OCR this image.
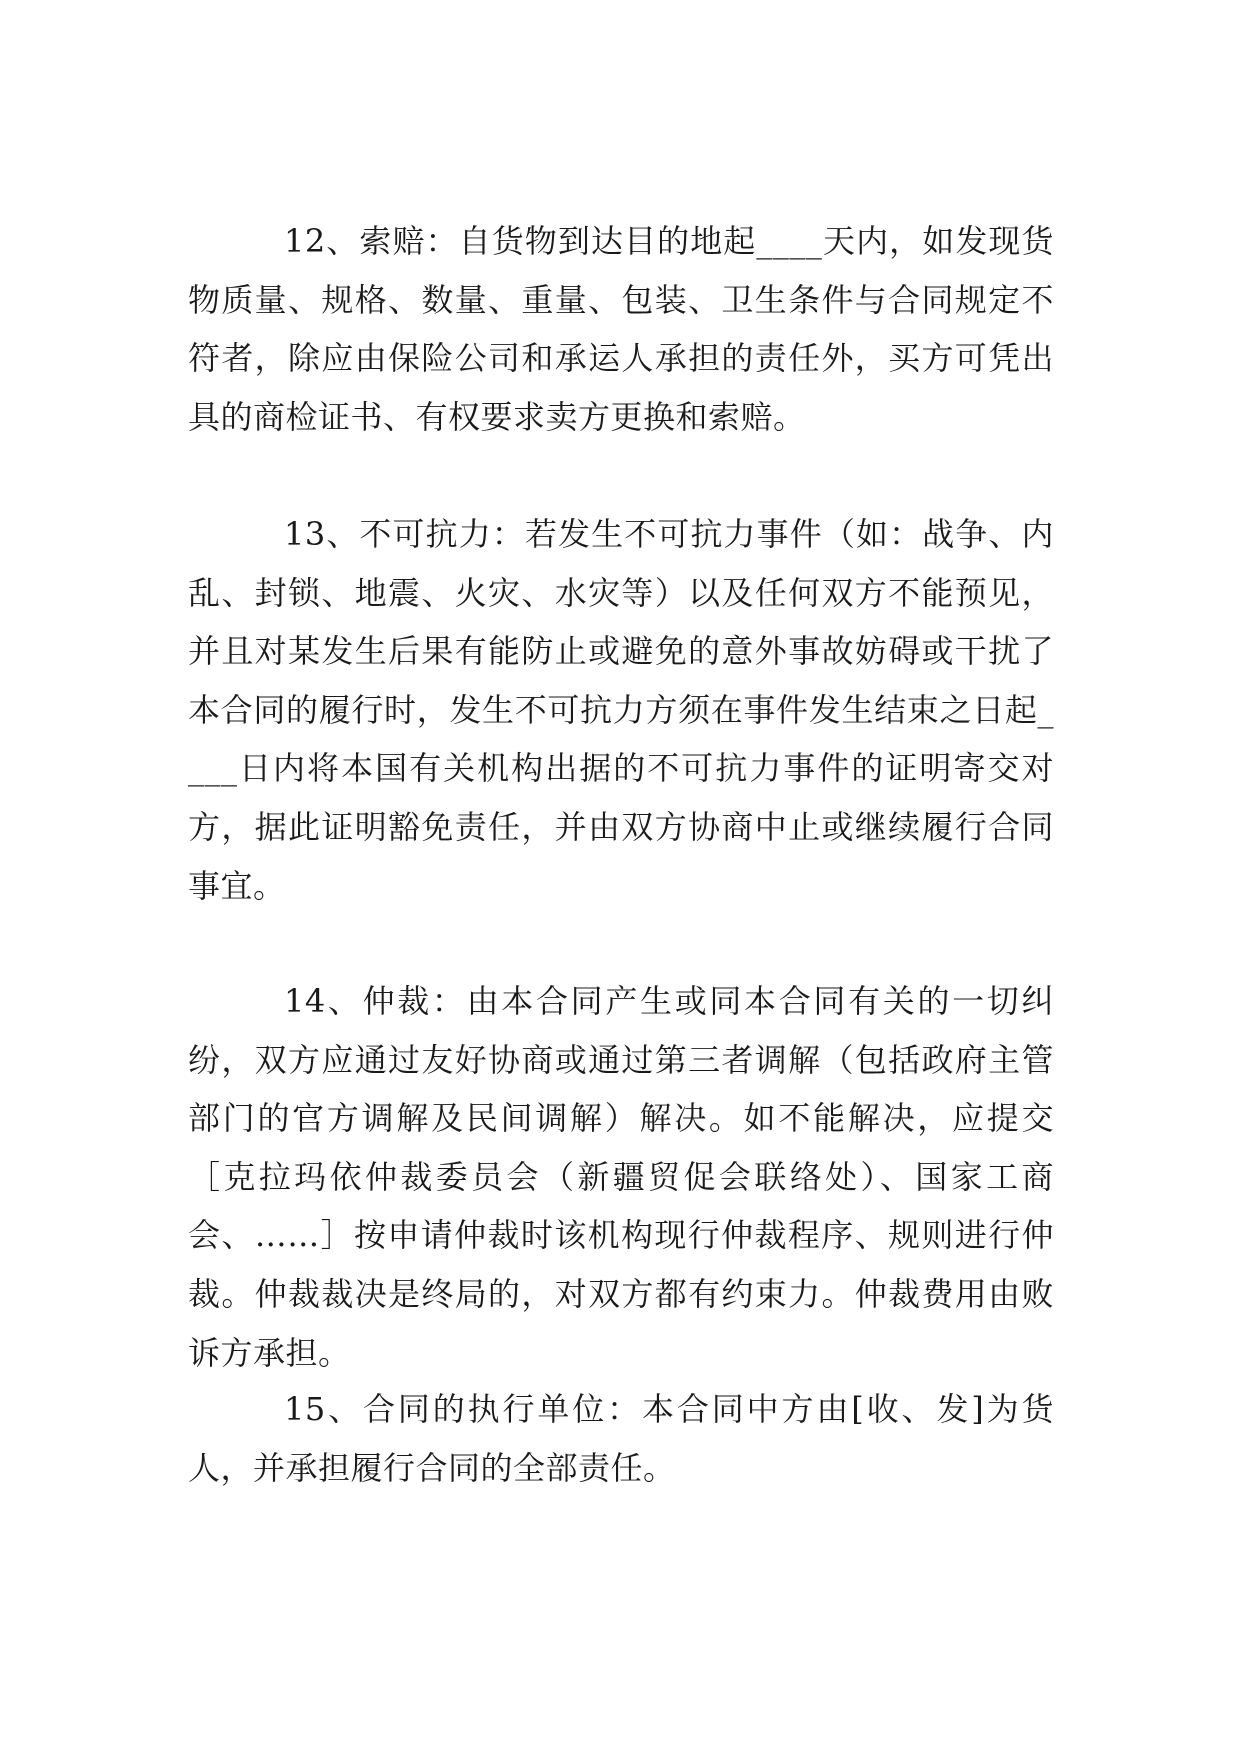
12、索赔：自货物到达目的地起____天内，如发现货物质量、规格、数量、重量、包装、卫生条件与合同规定不符者，除应由保险公司和承运人承担的责任外，买方可凭出具的商检证书、有权要求卖方更换和索赔。

13、不可抗力：若发生不可抗力事件（如：战争、内乱、封锁、地震、火灾、水灾等）以及任何双方不能预见，并且对某发生后果有能防止或避免的意外事故妨碍或干扰了本合同的履行时，发生不可抗力方须在事件发生结束之日起____日内将本国有关机构出据的不可抗力事件的证明寄交对方，据此证明豁免责任，并由双方协商中止或继续履行合同事宜。

14、仲裁：由本合同产生或同本合同有关的一切纠纷，双方应通过友好协商或通过第三者调解（包括政府主管部门的官方调解及民间调解）解决。如不能解决，应提交［克拉玛依仲裁委员会（新疆贸促会联络处）、国家工商会、……］按申请仲裁时该机构现行仲裁程序、规则进行仲裁。仲裁裁决是终局的，对双方都有约束力。仲裁费用由败诉方承担。

15、合同的执行单位：本合同中方由[收、发]为货人，并承担履行合同的全部责任。
